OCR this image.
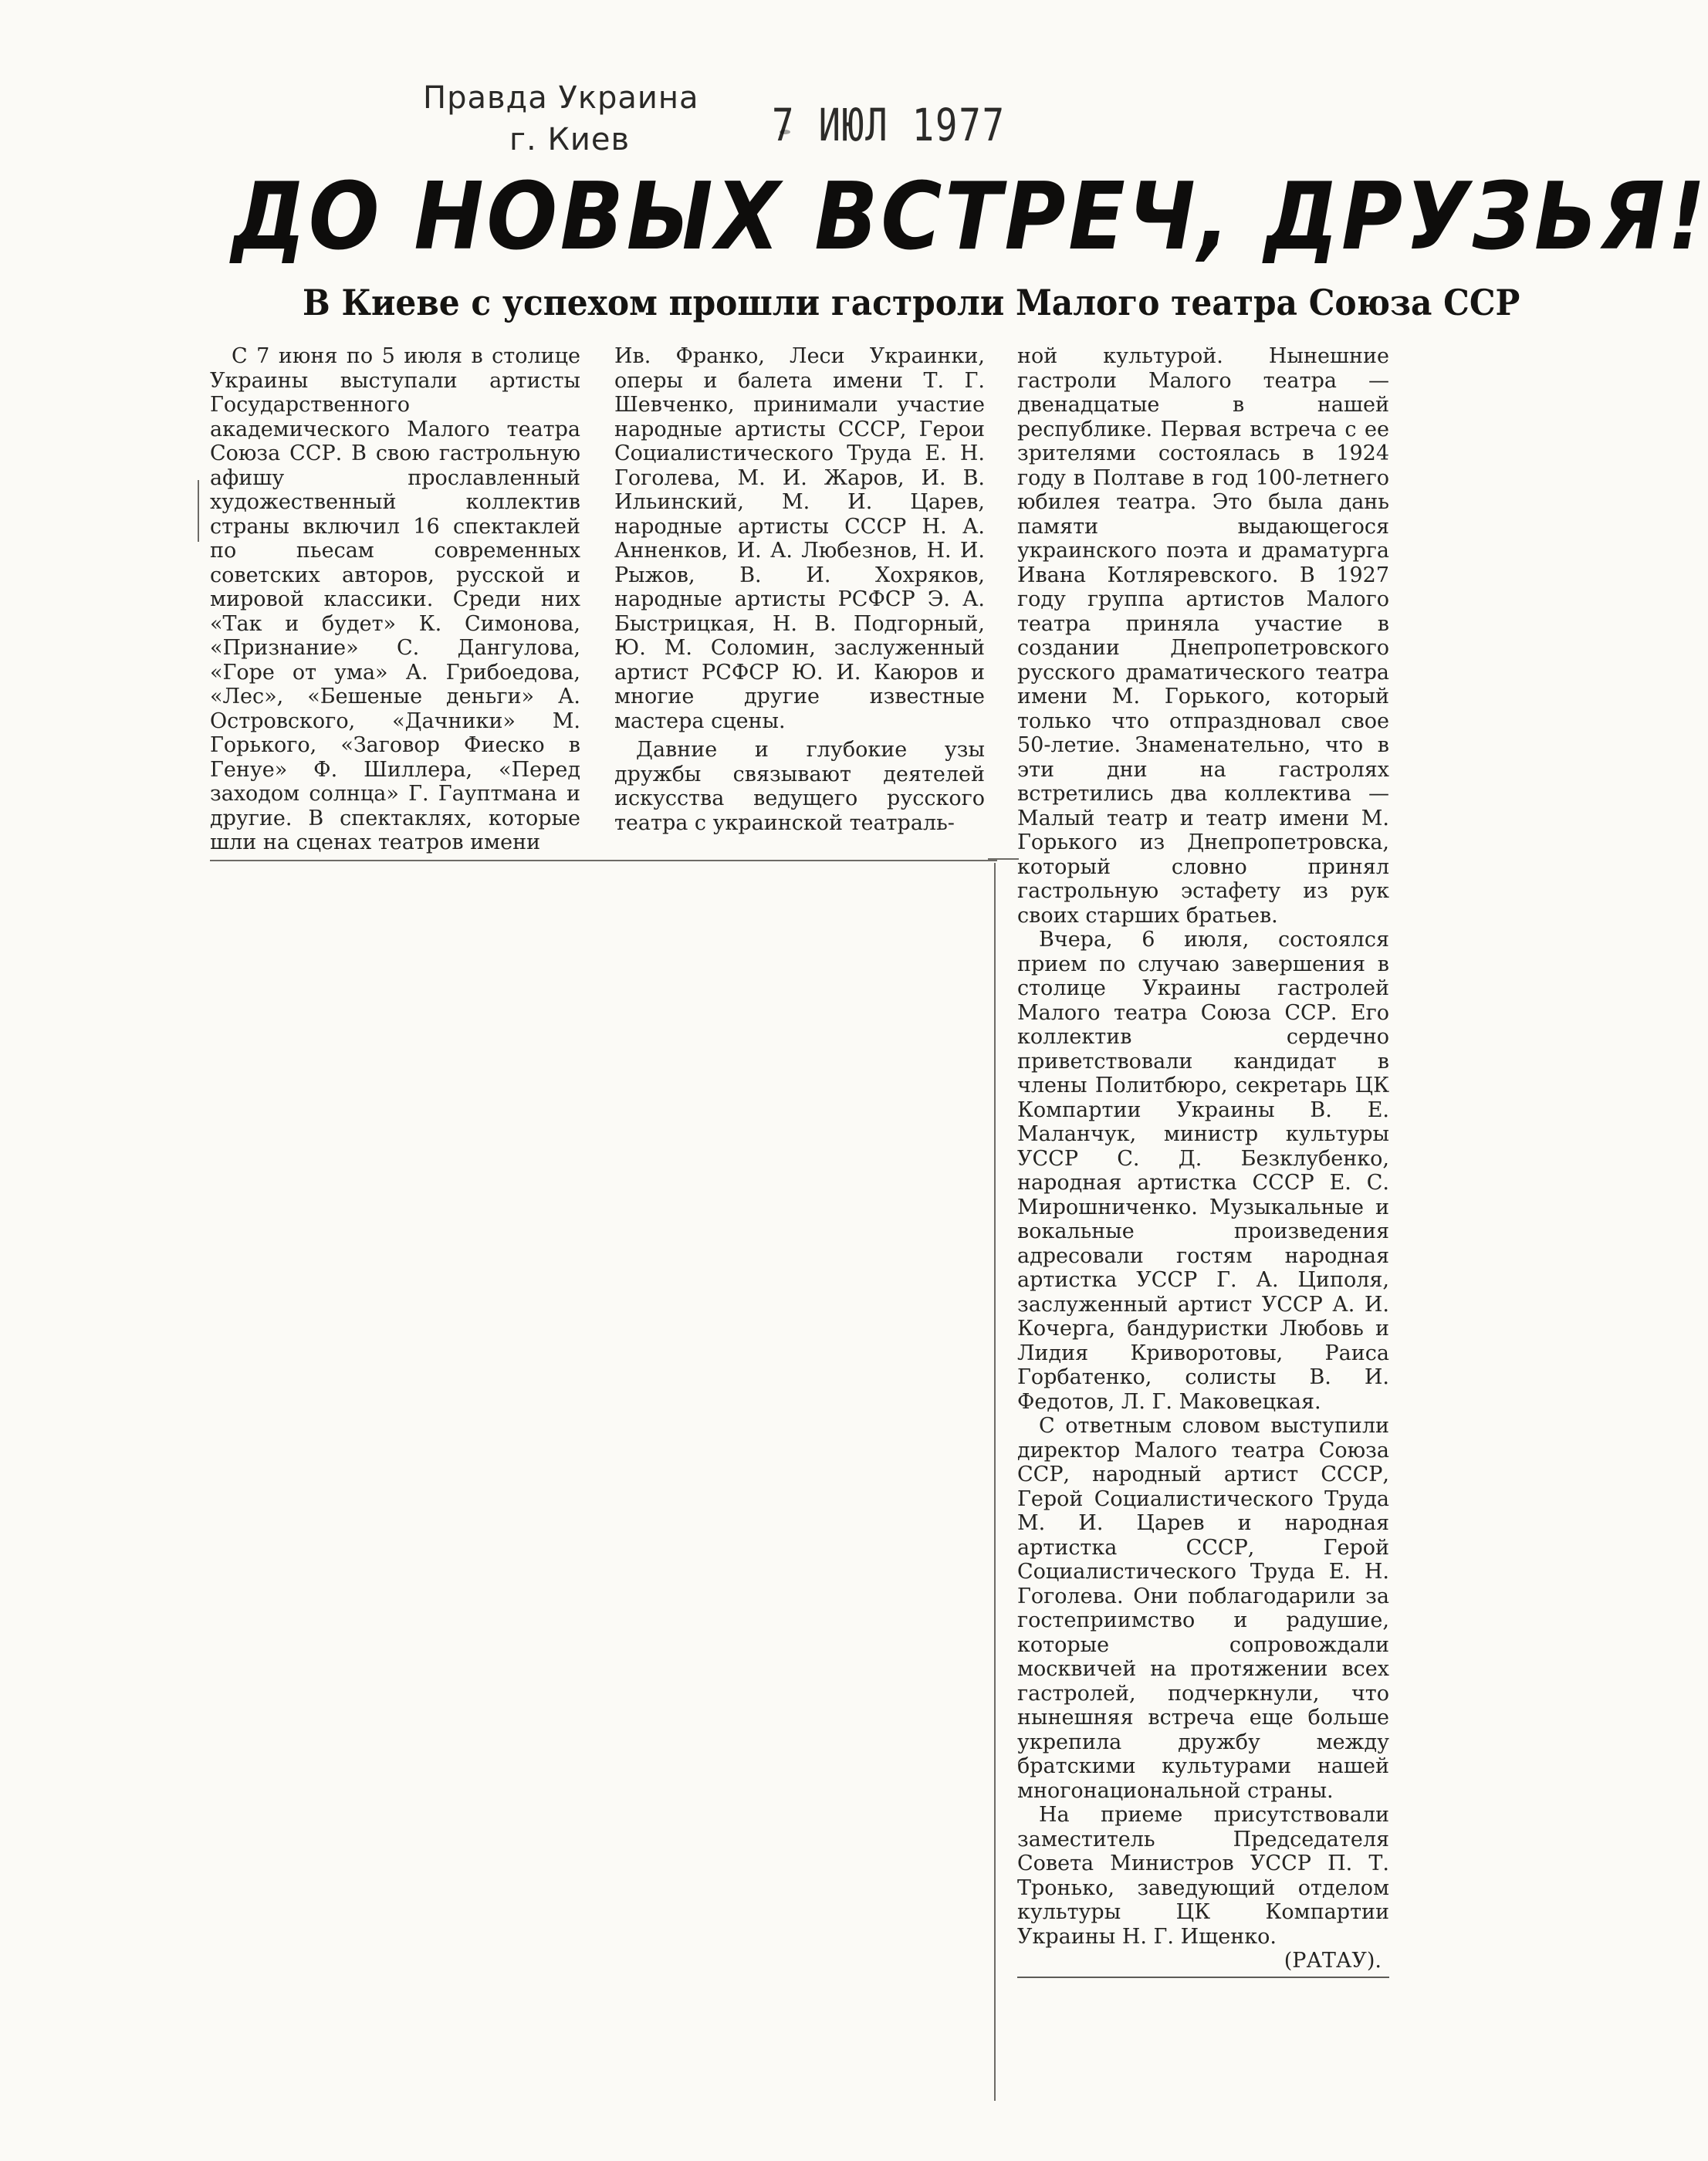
Правда Украина
г. Киев	7 ИЮЛ 1977
ДО НОВЫХ ВСТРЕЧ, ДРУЗЬЯ!
В Киеве с успехом прошли гастроли Малого театра Союза ССР

С 7 июня по 5 июля в столице Украины выступали артисты Государственного академического Малого театра Союза ССР. В свою гастрольную афишу прославленный художественный коллектив страны включил 16 спектаклей по пьесам современных советских авторов, русской и мировой классики. Среди них «Так и будет» К. Симонова, «Признание» С. Дангулова, «Горе от ума» А. Грибоедова, «Лес», «Бешеные деньги» А. Островского, «Дачники» М. Горького, «Заговор Фиеско в Генуе» Ф. Шиллера, «Перед заходом солнца» Г. Гауптмана и другие. В спектаклях, которые шли на сценах театров имени

Ив. Франко, Леси Украинки, оперы и балета имени Т. Г. Шевченко, принимали участие народные артисты СССР, Герои Социалистического Труда Е. Н. Гоголева, М. И. Жаров, И. В. Ильинский, М. И. Царев, народные артисты СССР Н. А. Анненков, И. А. Любезнов, Н. И. Рыжов, В. И. Хохряков, народные артисты РСФСР Э. А. Быстрицкая, Н. В. Подгорный, Ю. М. Соломин, заслуженный артист РСФСР Ю. И. Каюров и многие другие известные мастера сцены.

Давние и глубокие узы дружбы связывают деятелей искусства ведущего русского театра с украинской театраль-

ной культурой. Нынешние гастроли Малого театра — двенадцатые в нашей республике. Первая встреча с ее зрителями состоялась в 1924 году в Полтаве в год 100-летнего юбилея театра. Это была дань памяти выдающегося украинского поэта и драматурга Ивана Котляревского. В 1927 году группа артистов Малого театра приняла участие в создании Днепропетровского русского драматического театра имени М. Горького, который только что отпраздновал свое 50-летие. Знаменательно, что в эти дни на гастролях встретились два коллектива — Малый театр и театр имени М. Горького из Днепропетровска, который словно принял гастрольную эстафету из рук своих старших братьев.

Вчера, 6 июля, состоялся прием по случаю завершения в столице Украины гастролей Малого театра Союза ССР. Его коллектив сердечно приветствовали кандидат в члены Политбюро, секретарь ЦК Компартии Украины В. Е. Маланчук, министр культуры УССР С. Д. Безклубенко, народная артистка СССР Е. С. Мирошниченко. Музыкальные и вокальные произведения адресовали гостям народная артистка УССР Г. А. Циполя, заслуженный артист УССР А. И. Кочерга, бандуристки Любовь и Лидия Криворотовы, Раиса Горбатенко, солисты В. И. Федотов, Л. Г. Маковецкая.

С ответным словом выступили директор Малого театра Союза ССР, народный артист СССР, Герой Социалистического Труда М. И. Царев и народная артистка СССР, Герой Социалистического Труда Е. Н. Гоголева. Они поблагодарили за гостеприимство и радушие, которые сопровождали москвичей на протяжении всех гастролей, подчеркнули, что нынешняя встреча еще больше укрепила дружбу между братскими культурами нашей многонациональной страны.

На приеме присутствовали заместитель Председателя Совета Министров УССР П. Т. Тронько, заведующий отделом культуры ЦК Компартии Украины Н. Г. Ищенко.

(РАТАУ).
